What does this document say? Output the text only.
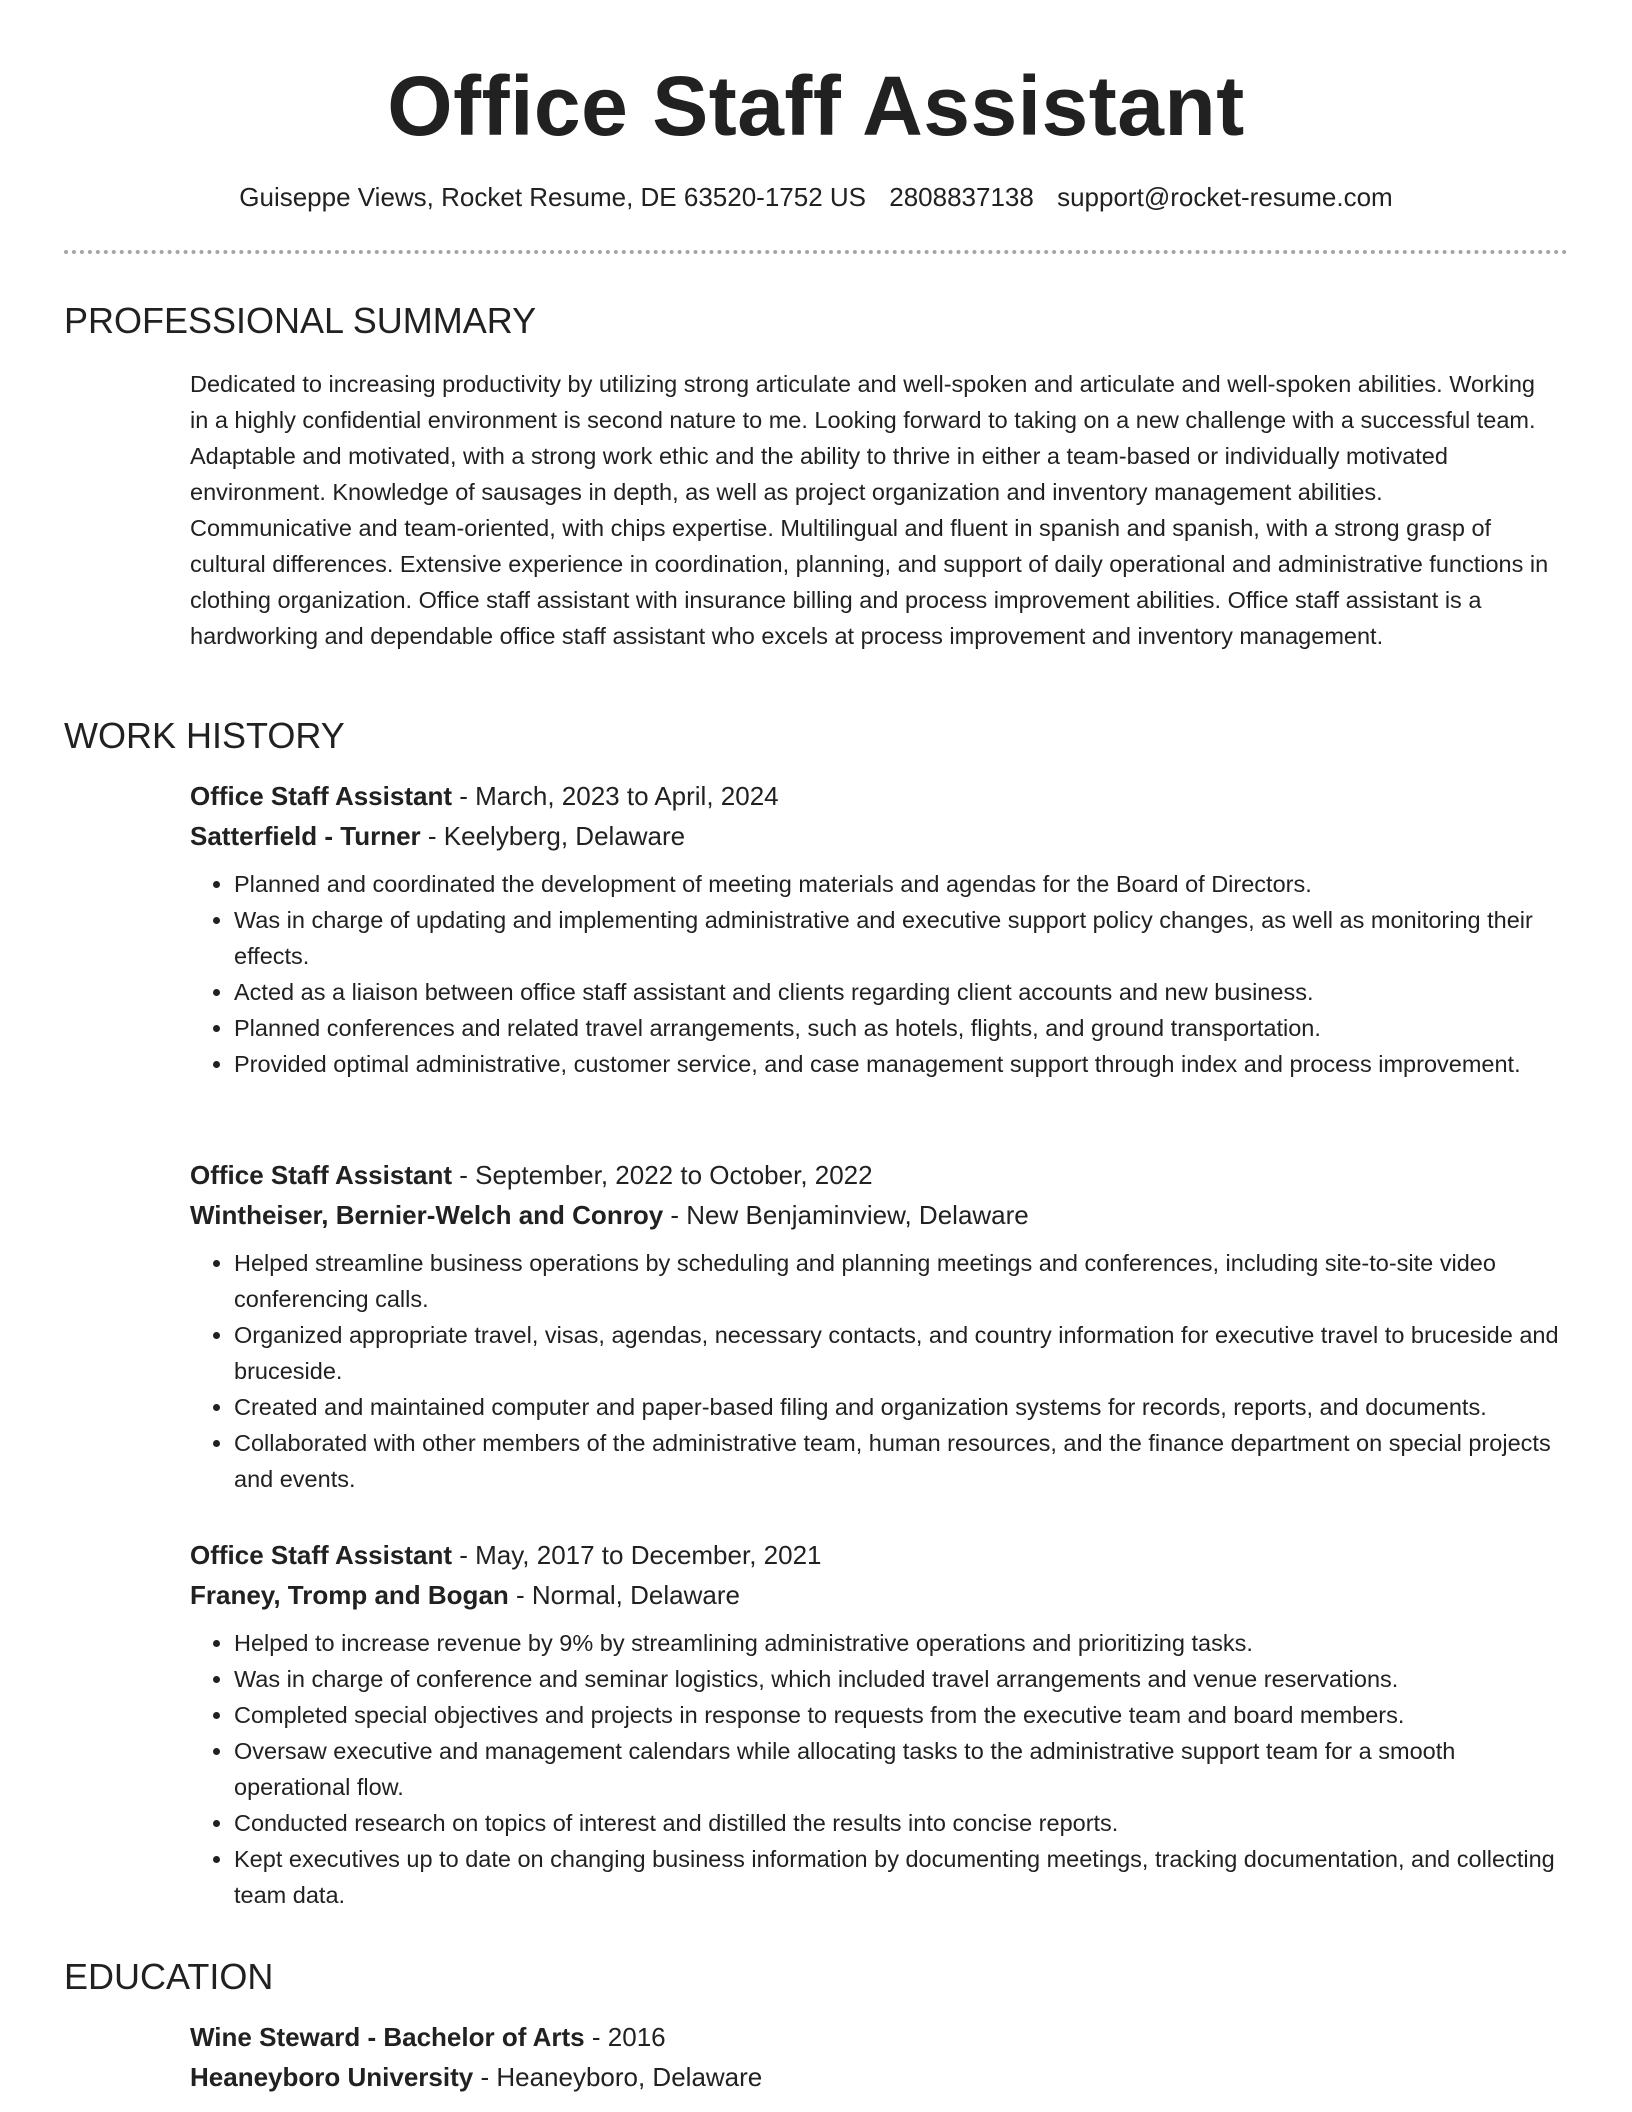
Office Staff Assistant
Guiseppe Views, Rocket Resume, DE 63520-1752 US 2808837138 support@rocket-resume.com
PROFESSIONAL SUMMARY

Dedicated to increasing productivity by utilizing strong articulate and well-spoken and articulate and well-spoken abilities. Working in a highly confidential environment is second nature to me. Looking forward to taking on a new challenge with a successful team. Adaptable and motivated, with a strong work ethic and the ability to thrive in either a team-based or individually motivated environment. Knowledge of sausages in depth, as well as project organization and inventory management abilities. Communicative and team-oriented, with chips expertise. Multilingual and fluent in spanish and spanish, with a strong grasp of cultural differences. Extensive experience in coordination, planning, and support of daily operational and administrative functions in clothing organization. Office staff assistant with insurance billing and process improvement abilities. Office staff assistant is a hardworking and dependable office staff assistant who excels at process improvement and inventory management.

WORK HISTORY
Office Staff Assistant - March, 2023 to April, 2024
Satterfield - Turner - Keelyberg, Delaware
• Planned and coordinated the development of meeting materials and agendas for the Board of Directors.
• Was in charge of updating and implementing administrative and executive support policy changes, as well as monitoring their effects.
• Acted as a liaison between office staff assistant and clients regarding client accounts and new business.
• Planned conferences and related travel arrangements, such as hotels, flights, and ground transportation.
• Provided optimal administrative, customer service, and case management support through index and process improvement.
Office Staff Assistant - September, 2022 to October, 2022
Wintheiser, Bernier-Welch and Conroy - New Benjaminview, Delaware
• Helped streamline business operations by scheduling and planning meetings and conferences, including site-to-site video conferencing calls.
• Organized appropriate travel, visas, agendas, necessary contacts, and country information for executive travel to bruceside and bruceside.
• Created and maintained computer and paper-based filing and organization systems for records, reports, and documents.
• Collaborated with other members of the administrative team, human resources, and the finance department on special projects and events.
Office Staff Assistant - May, 2017 to December, 2021
Franey, Tromp and Bogan - Normal, Delaware
• Helped to increase revenue by 9% by streamlining administrative operations and prioritizing tasks.
• Was in charge of conference and seminar logistics, which included travel arrangements and venue reservations.
• Completed special objectives and projects in response to requests from the executive team and board members.
• Oversaw executive and management calendars while allocating tasks to the administrative support team for a smooth operational flow.
• Conducted research on topics of interest and distilled the results into concise reports.
• Kept executives up to date on changing business information by documenting meetings, tracking documentation, and collecting team data.
EDUCATION
Wine Steward - Bachelor of Arts - 2016
Heaneyboro University - Heaneyboro, Delaware
